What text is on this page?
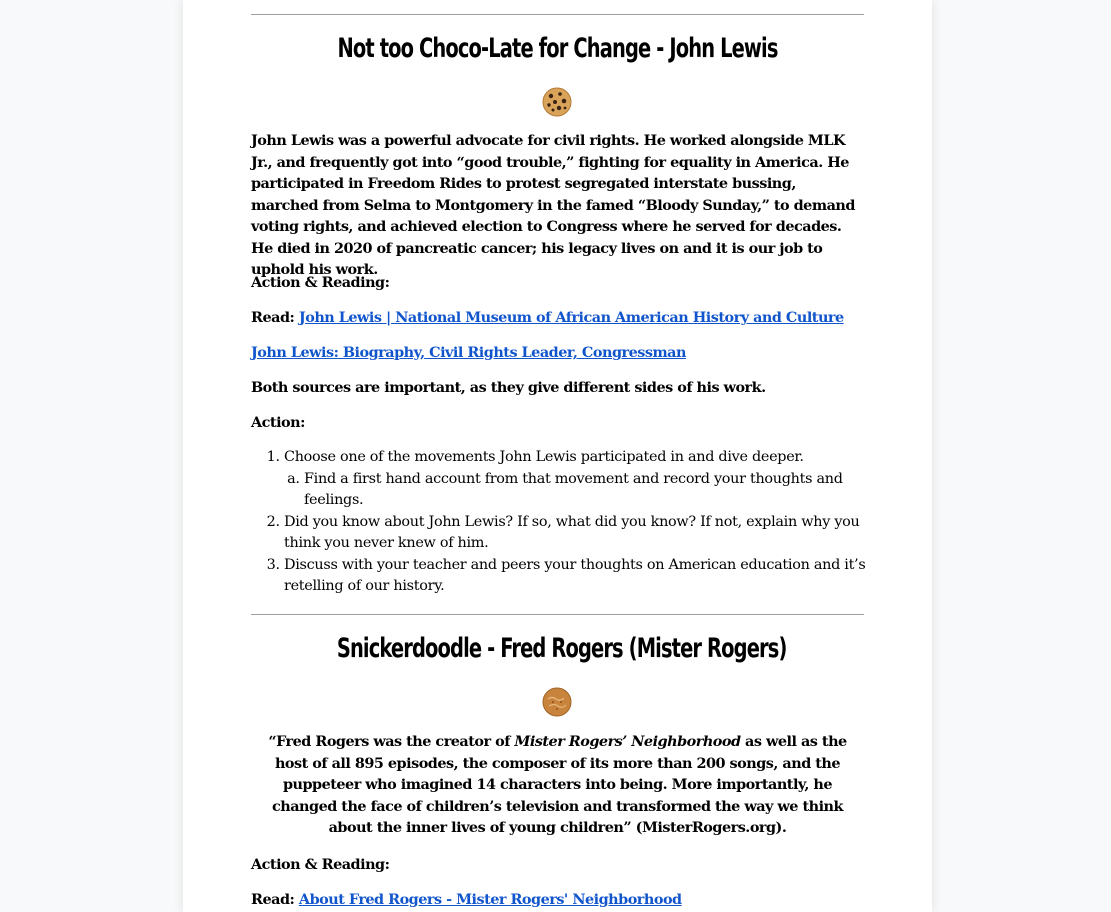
Not too Choco-Late for Change - John Lewis

John Lewis was a powerful advocate for civil rights. He worked alongside MLK Jr., and frequently got into “good trouble,” fighting for equality in America. He participated in Freedom Rides to protest segregated interstate bussing, marched from Selma to Montgomery in the famed “Bloody Sunday,” to demand voting rights, and achieved election to Congress where he served for decades. He died in 2020 of pancreatic cancer; his legacy lives on and it is our job to uphold his work.

Action & Reading:

Read: John Lewis | National Museum of African American History and Culture

John Lewis: Biography, Civil Rights Leader, Congressman

Both sources are important, as they give different sides of his work.

Action:

1. Choose one of the movements John Lewis participated in and dive deeper.
a. Find a first hand account from that movement and record your thoughts and feelings.
2. Did you know about John Lewis? If so, what did you know? If not, explain why you think you never knew of him.
3. Discuss with your teacher and peers your thoughts on American education and it’s retelling of our history.
Snickerdoodle - Fred Rogers (Mister Rogers)

“Fred Rogers was the creator of Mister Rogers’ Neighborhood as well as the host of all 895 episodes, the composer of its more than 200 songs, and the puppeteer who imagined 14 characters into being. More importantly, he changed the face of children’s television and transformed the way we think about the inner lives of young children” (MisterRogers.org).

Action & Reading:

Read: About Fred Rogers - Mister Rogers' Neighborhood
